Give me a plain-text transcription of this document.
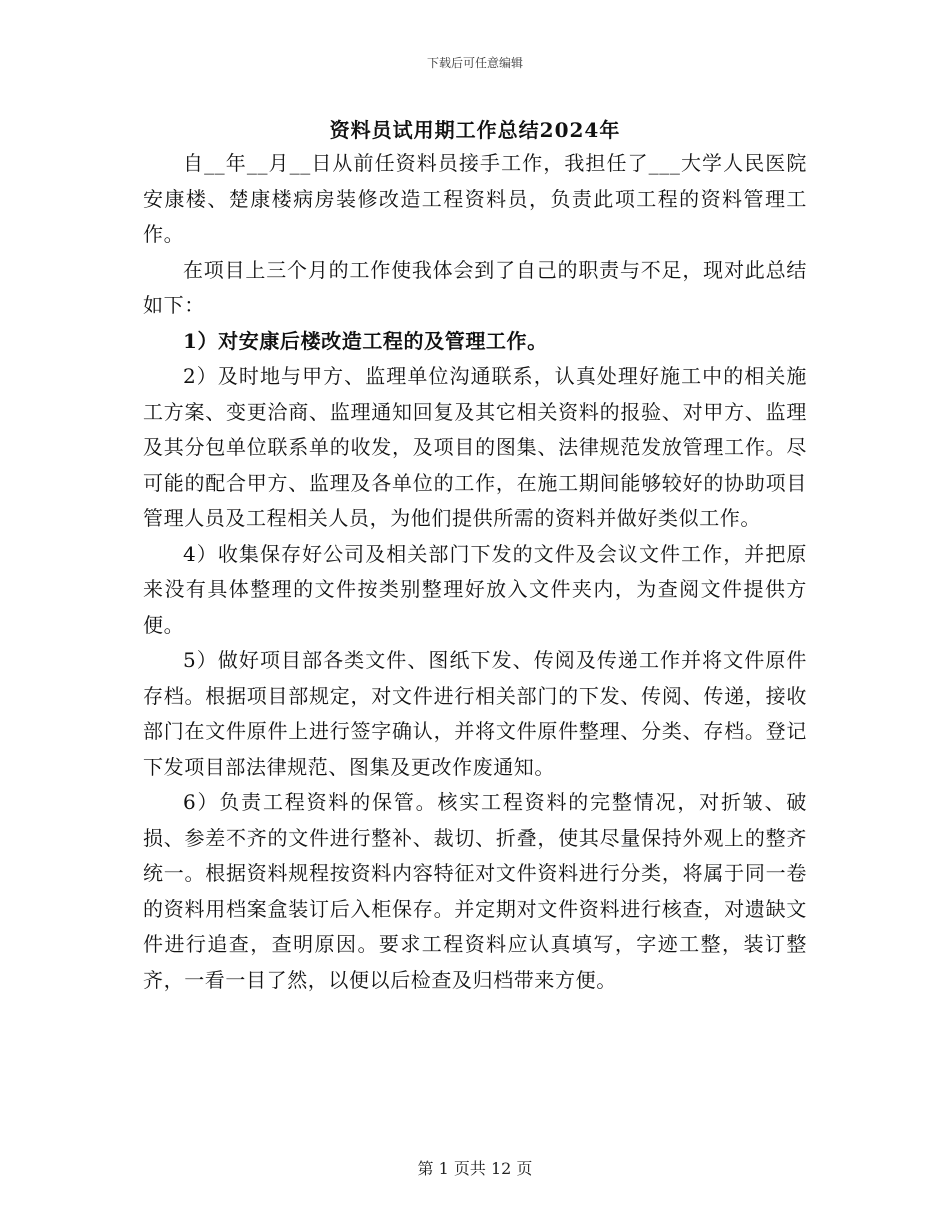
下载后可任意编辑
资料员试用期工作总结2024年

自__年__月__日从前任资料员接手工作，我担任了___大学人民医院安康楼、楚康楼病房装修改造工程资料员，负责此项工程的资料管理工作。

在项目上三个月的工作使我体会到了自己的职责与不足，现对此总结如下：

1）对安康后楼改造工程的及管理工作。

2）及时地与甲方、监理单位沟通联系，认真处理好施工中的相关施工方案、变更洽商、监理通知回复及其它相关资料的报验、对甲方、监理及其分包单位联系单的收发，及项目的图集、法律规范发放管理工作。尽可能的配合甲方、监理及各单位的工作，在施工期间能够较好的协助项目管理人员及工程相关人员，为他们提供所需的资料并做好类似工作。

4）收集保存好公司及相关部门下发的文件及会议文件工作，并把原来没有具体整理的文件按类别整理好放入文件夹内，为查阅文件提供方便。

5）做好项目部各类文件、图纸下发、传阅及传递工作并将文件原件存档。根据项目部规定，对文件进行相关部门的下发、传阅、传递，接收部门在文件原件上进行签字确认，并将文件原件整理、分类、存档。登记下发项目部法律规范、图集及更改作废通知。

6）负责工程资料的保管。核实工程资料的完整情况，对折皱、破损、参差不齐的文件进行整补、裁切、折叠，使其尽量保持外观上的整齐统一。根据资料规程按资料内容特征对文件资料进行分类，将属于同一卷的资料用档案盒装订后入柜保存。并定期对文件资料进行核查，对遗缺文件进行追查，查明原因。要求工程资料应认真填写，字迹工整，装订整齐，一看一目了然，以便以后检查及归档带来方便。

第 1 页共 12 页
